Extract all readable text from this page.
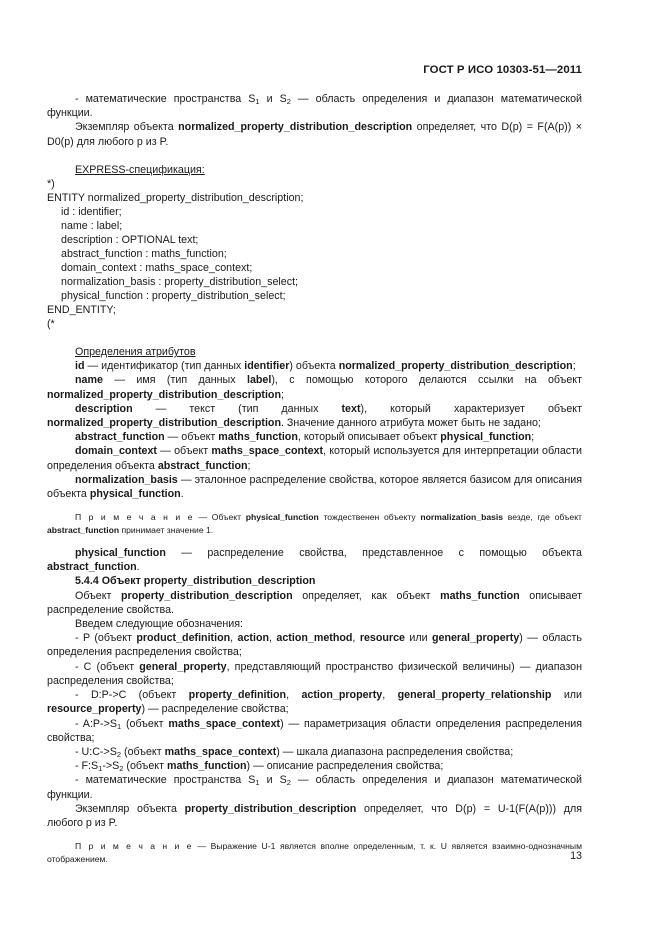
ГОСТ Р ИСО 10303-51—2011

- математические пространства $S_1$ и $S_2$ — область определения и диапазон математической функции.

Экземпляр объекта normalized_property_distribution_description определяет, что D(p) = F(A(p)) × D0(p) для любого p из P.

EXPRESS-спецификация:

*)
ENTITY normalized_property_distribution_description;
id : identifier;
name : label;
description : OPTIONAL text;
abstract_function : maths_function;
domain_context : maths_space_context;
normalization_basis : property_distribution_select;
physical_function : property_distribution_select;
END_ENTITY;
(*

Определения атрибутов

id — идентификатор (тип данных identifier) объекта normalized_property_distribution_description;

name — имя (тип данных label), с помощью которого делаются ссылки на объект normalized_property_distribution_description;

description — текст (тип данных text), который характеризует объект normalized_property_distribution_description. Значение данного атрибута может быть не задано;

abstract_function — объект maths_function, который описывает объект physical_function;

domain_context — объект maths_space_context, который используется для интерпретации области определения объекта abstract_function;

normalization_basis — эталонное распределение свойства, которое является базисом для описания объекта physical_function.

П р и м е ч а н и е — Объект physical_function тождественен объекту normalization_basis везде, где объект abstract_function принимает значение 1.

physical_function — распределение свойства, представленное с помощью объекта abstract_function.

5.4.4 Объект property_distribution_description

Объект property_distribution_description определяет, как объект maths_function описывает распределение свойства.

Введем следующие обозначения:

- P (объект product_definition, action, action_method, resource или general_property) — область определения распределения свойства;

- C (объект general_property, представляющий пространство физической величины) — диапазон распределения свойства;

- D:P->C (объект property_definition, action_property, general_property_relationship или resource_property) — распределение свойства;

- $A:P->S_1$ (объект maths_space_context) — параметризация области определения распределения свойства;

- $U:C->S_2$ (объект maths_space_context) — шкала диапазона распределения свойства;

- $F:S_1->S_2$ (объект maths_function) — описание распределения свойства;

- математические пространства $S_1$ и $S_2$ — область определения и диапазон математической функции.

Экземпляр объекта property_distribution_description определяет, что D(p) = U-1(F(A(p))) для любого p из P.

П р и м е ч а н и е — Выражение U-1 является вполне определенным, т. к. U является взаимно-однозначным отображением.	13
